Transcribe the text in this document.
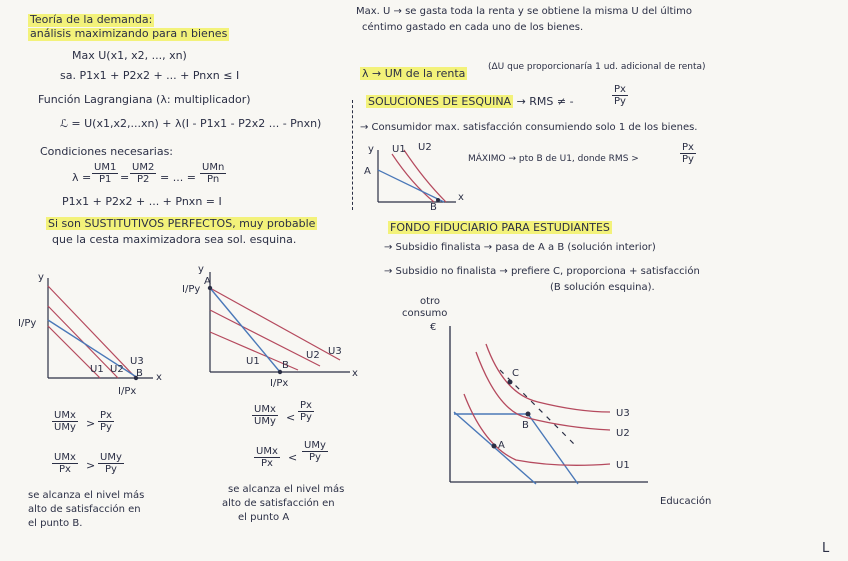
Teoría de la demanda:
análisis maximizando para n bienes
Max U(x1, x2, ..., xn)
sa. P1x1 + P2x2 + ... + Pnxn ≤ I
Función Lagrangiana (λ: multiplicador)
ℒ = U(x1,x2,...xn) + λ(I - P1x1 - P2x2 ... - Pnxn)
Condiciones necesarias:
$\lambda = \frac{UM1}{P1} = \frac{UM2}{P2}$ = ... =
UMn
Pn
P1x1 + P2x2 + ... + Pnxn = I
Si son SUSTITUTIVOS PERFECTOS, muy probable
que la cesta maximizadora sea sol. esquina.
y
x
I/Py
I/Px
B
U1 U2
U3
UMx
UMy > $\frac{Px}{Py}$
UMx
Px >
UMy
Py
se alcanza el nivel más
alto de satisfacción en
el punto B.
y
x
I/Py
I/Px
A
B
U1
U2 U3
UMx
UMy < $\frac{Px}{Py}$
UMx
Px <
UMy
Py
se alcanza el nivel más
alto de satisfacción en
el punto A
Max. U → se gasta toda la renta y se obtiene la misma U del último
céntimo gastado en cada uno de los bienes.
λ → UM de la renta	(ΔU que proporcionaría 1 ud. adicional de renta)
SOLUCIONES DE ESQUINA → RMS ≠ -	$\frac{Px}{Py}$
→ Consumidor max. satisfacción consumiendo solo 1 de los bienes.
y
x
U1 U2
A
B
MÁXIMO → pto B de U1, donde RMS >	$\frac{Px}{Py}$
FONDO FIDUCIARIO PARA ESTUDIANTES
→ Subsidio finalista → pasa de A a B (solución interior)
→ Subsidio no finalista → prefiere C, proporciona + satisfacción
(B solución esquina).
otro
consumo
€
Educación
A
B
C
U1
U2
U3
L
